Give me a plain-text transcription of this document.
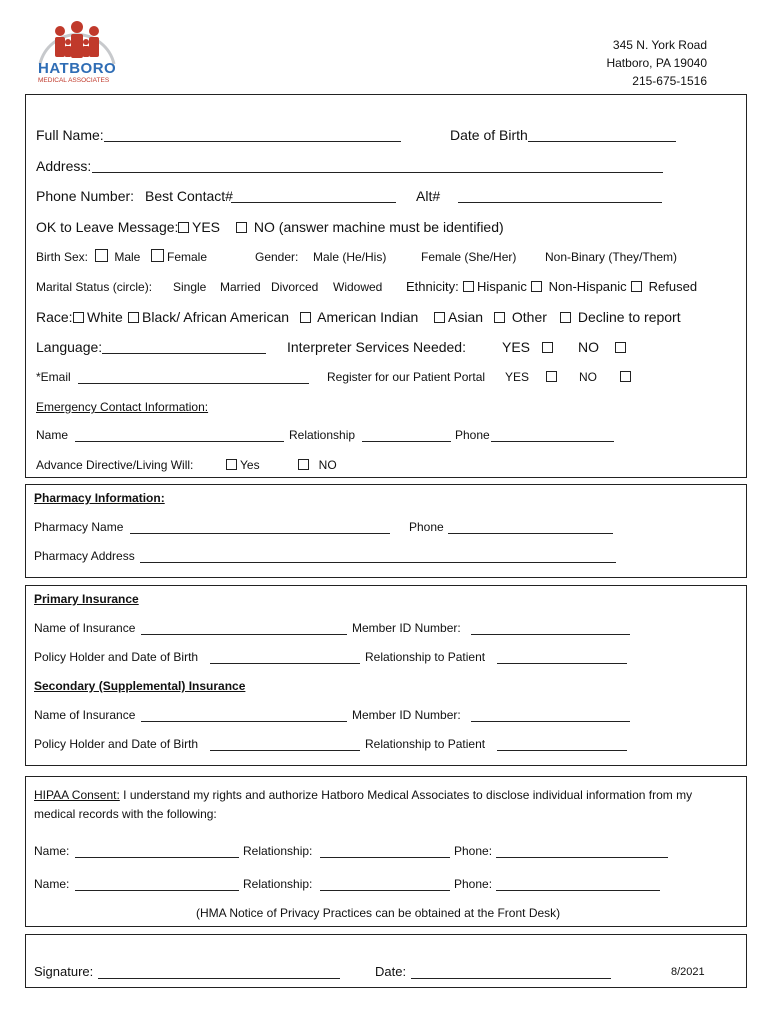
HATBORO
MEDICAL ASSOCIATES
345 N. York Road
Hatboro, PA 19040
215-675-1516
Full Name:	Date of Birth
Address:
Phone Number: Best Contact#	Alt#
OK to Leave Message: YES	NO (answer machine must be identified)
Birth Sex:	Male	Female	Gender: Male (He/His)	Female (She/Her) Non-Binary (They/Them)
Marital Status (circle): Single Married Divorced Widowed Ethnicity:	Hispanic	Non-Hispanic	Refused
Race:	White	Black/ African American	American Indian	Asian	Other	Decline to report
Language:	Interpreter Services Needed:	YES	NO
*Email	Register for our Patient Portal YES	NO
Emergency Contact Information:
Name	Relationship	Phone
Advance Directive/Living Will:	Yes	NO
Pharmacy Information:
Pharmacy Name	Phone
Pharmacy Address
Primary Insurance
Name of Insurance	Member ID Number:
Policy Holder and Date of Birth	Relationship to Patient
Secondary (Supplemental) Insurance
Name of Insurance	Member ID Number:
Policy Holder and Date of Birth	Relationship to Patient
HIPAA Consent: I understand my rights and authorize Hatboro Medical Associates to disclose individual information from my
medical records with the following:
Name:	Relationship:	Phone:
Name:	Relationship:	Phone:
(HMA Notice of Privacy Practices can be obtained at the Front Desk)
Signature:	Date:	8/2021
